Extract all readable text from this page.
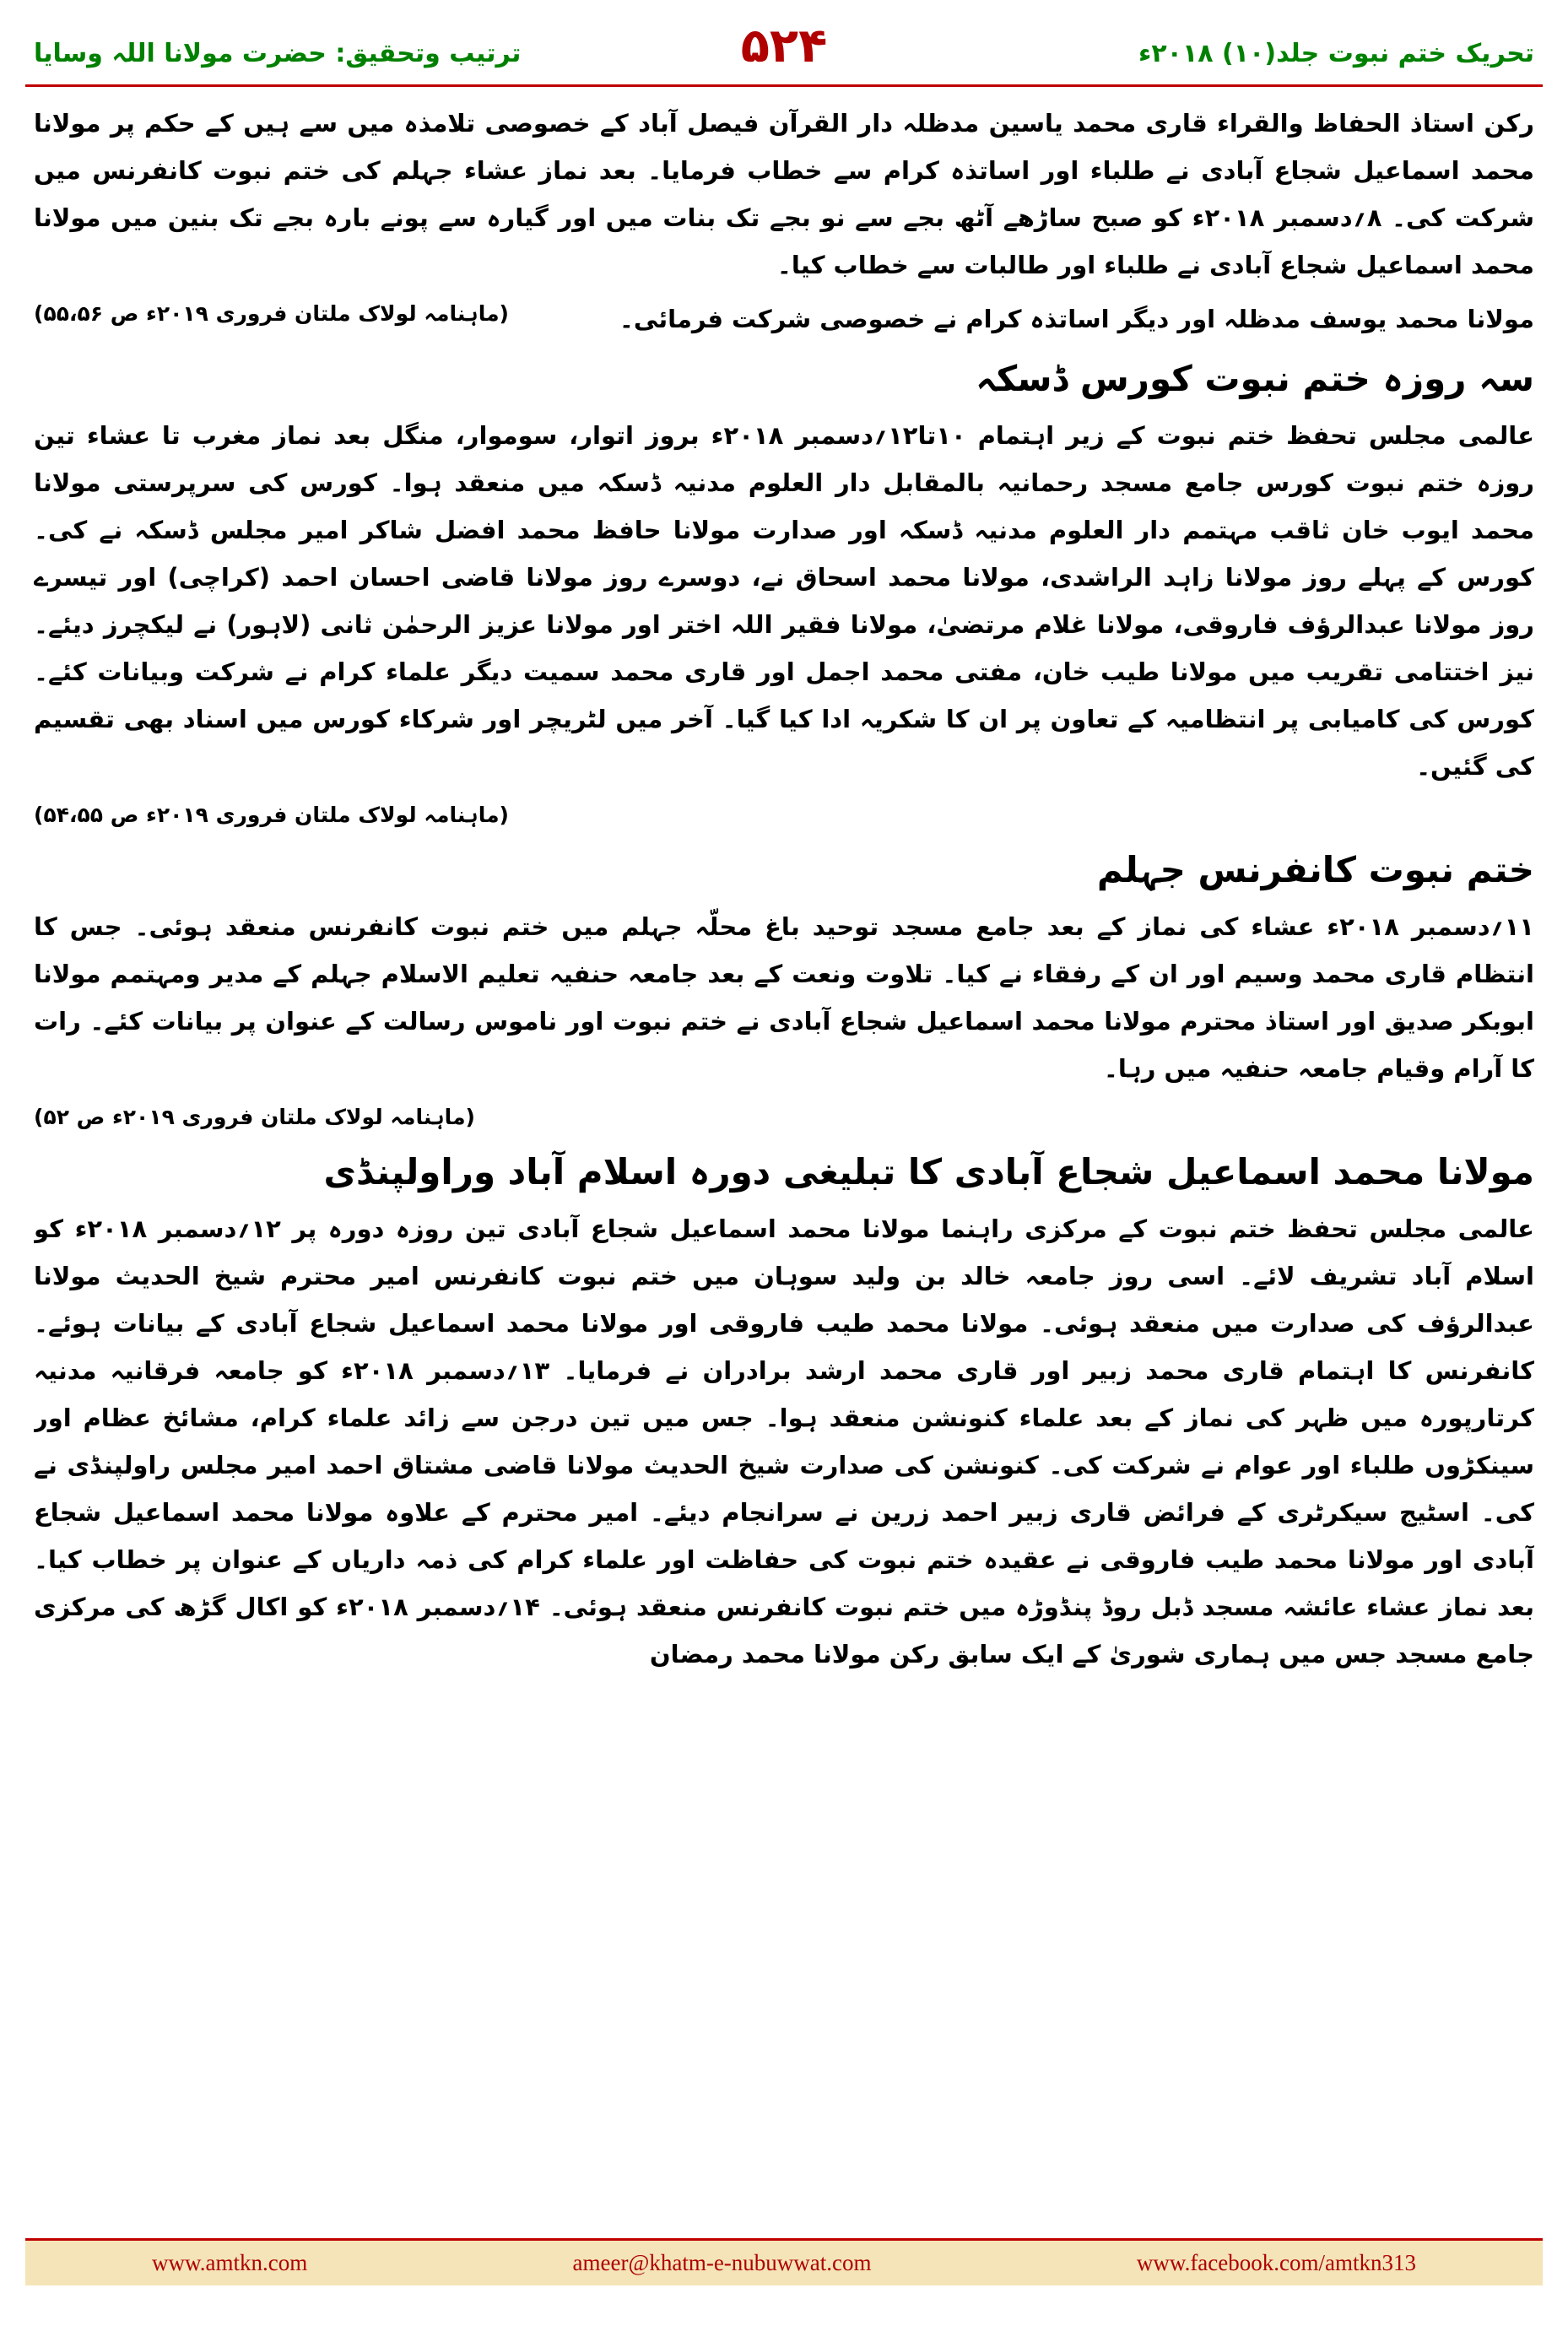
تحریک ختم نبوت جلد(۱۰) ۲۰۱۸ء
۵۲۴
ترتیب وتحقیق: حضرت مولانا اللہ وسایا

رکن استاذ الحفاظ والقراء قاری محمد یاسین مدظلہ دار القرآن فیصل آباد کے خصوصی تلامذہ میں سے ہیں کے حکم پر مولانا محمد اسماعیل شجاع آبادی نے طلباء اور اساتذہ کرام سے خطاب فرمایا۔ بعد نماز عشاء جہلم کی ختم نبوت کانفرنس میں شرکت کی۔ ۸؍دسمبر ۲۰۱۸ء کو صبح ساڑھے آٹھ بجے سے نو بجے تک بنات میں اور گیارہ سے پونے بارہ بجے تک بنین میں مولانا محمد اسماعیل شجاع آبادی نے طلباء اور طالبات سے خطاب کیا۔

مولانا محمد یوسف مدظلہ اور دیگر اساتذہ کرام نے خصوصی شرکت فرمائی۔

(ماہنامہ لولاک ملتان فروری ۲۰۱۹ء ص ۵۵،۵۶)
سہ روزہ ختم نبوت کورس ڈسکہ

عالمی مجلس تحفظ ختم نبوت کے زیر اہتمام ۱۰تا۱۲؍دسمبر ۲۰۱۸ء بروز اتوار، سوموار، منگل بعد نماز مغرب تا عشاء تین روزہ ختم نبوت کورس جامع مسجد رحمانیہ بالمقابل دار العلوم مدنیہ ڈسکہ میں منعقد ہوا۔ کورس کی سرپرستی مولانا محمد ایوب خان ثاقب مہتمم دار العلوم مدنیہ ڈسکہ اور صدارت مولانا حافظ محمد افضل شاکر امیر مجلس ڈسکہ نے کی۔ کورس کے پہلے روز مولانا زاہد الراشدی، مولانا محمد اسحاق نے، دوسرے روز مولانا قاضی احسان احمد (کراچی) اور تیسرے روز مولانا عبدالرؤف فاروقی، مولانا غلام مرتضیٰ، مولانا فقیر اللہ اختر اور مولانا عزیز الرحمٰن ثانی (لاہور) نے لیکچرز دیئے۔ نیز اختتامی تقریب میں مولانا طیب خان، مفتی محمد اجمل اور قاری محمد سمیت دیگر علماء کرام نے شرکت وبیانات کئے۔ کورس کی کامیابی پر انتظامیہ کے تعاون پر ان کا شکریہ ادا کیا گیا۔ آخر میں لٹریچر اور شرکاء کورس میں اسناد بھی تقسیم کی گئیں۔

(ماہنامہ لولاک ملتان فروری ۲۰۱۹ء ص ۵۴،۵۵)
ختم نبوت کانفرنس جہلم

۱۱؍دسمبر ۲۰۱۸ء عشاء کی نماز کے بعد جامع مسجد توحید باغ محلّہ جہلم میں ختم نبوت کانفرنس منعقد ہوئی۔ جس کا انتظام قاری محمد وسیم اور ان کے رفقاء نے کیا۔ تلاوت ونعت کے بعد جامعہ حنفیہ تعلیم الاسلام جہلم کے مدیر ومہتمم مولانا ابوبکر صدیق اور استاذ محترم مولانا محمد اسماعیل شجاع آبادی نے ختم نبوت اور ناموس رسالت کے عنوان پر بیانات کئے۔ رات کا آرام وقیام جامعہ حنفیہ میں رہا۔

(ماہنامہ لولاک ملتان فروری ۲۰۱۹ء ص ۵۲)
مولانا محمد اسماعیل شجاع آبادی کا تبلیغی دورہ اسلام آباد وراولپنڈی

عالمی مجلس تحفظ ختم نبوت کے مرکزی راہنما مولانا محمد اسماعیل شجاع آبادی تین روزہ دورہ پر ۱۲؍دسمبر ۲۰۱۸ء کو اسلام آباد تشریف لائے۔ اسی روز جامعہ خالد بن ولید سوہان میں ختم نبوت کانفرنس امیر محترم شیخ الحدیث مولانا عبدالرؤف کی صدارت میں منعقد ہوئی۔ مولانا محمد طیب فاروقی اور مولانا محمد اسماعیل شجاع آبادی کے بیانات ہوئے۔ کانفرنس کا اہتمام قاری محمد زبیر اور قاری محمد ارشد برادران نے فرمایا۔ ۱۳؍دسمبر ۲۰۱۸ء کو جامعہ فرقانیہ مدنیہ کرتارپورہ میں ظہر کی نماز کے بعد علماء کنونشن منعقد ہوا۔ جس میں تین درجن سے زائد علماء کرام، مشائخ عظام اور سینکڑوں طلباء اور عوام نے شرکت کی۔ کنونشن کی صدارت شیخ الحدیث مولانا قاضی مشتاق احمد امیر مجلس راولپنڈی نے کی۔ اسٹیج سیکرٹری کے فرائض قاری زبیر احمد زرین نے سرانجام دیئے۔ امیر محترم کے علاوہ مولانا محمد اسماعیل شجاع آبادی اور مولانا محمد طیب فاروقی نے عقیدہ ختم نبوت کی حفاظت اور علماء کرام کی ذمہ داریاں کے عنوان پر خطاب کیا۔ بعد نماز عشاء عائشہ مسجد ڈبل روڈ پنڈوڑہ میں ختم نبوت کانفرنس منعقد ہوئی۔ ۱۴؍دسمبر ۲۰۱۸ء کو اکال گڑھ کی مرکزی جامع مسجد جس میں ہماری شوریٰ کے ایک سابق رکن مولانا محمد رمضان

www.amtkn.com	ameer@khatm-e-nubuwwat.com	www.facebook.com/amtkn313
